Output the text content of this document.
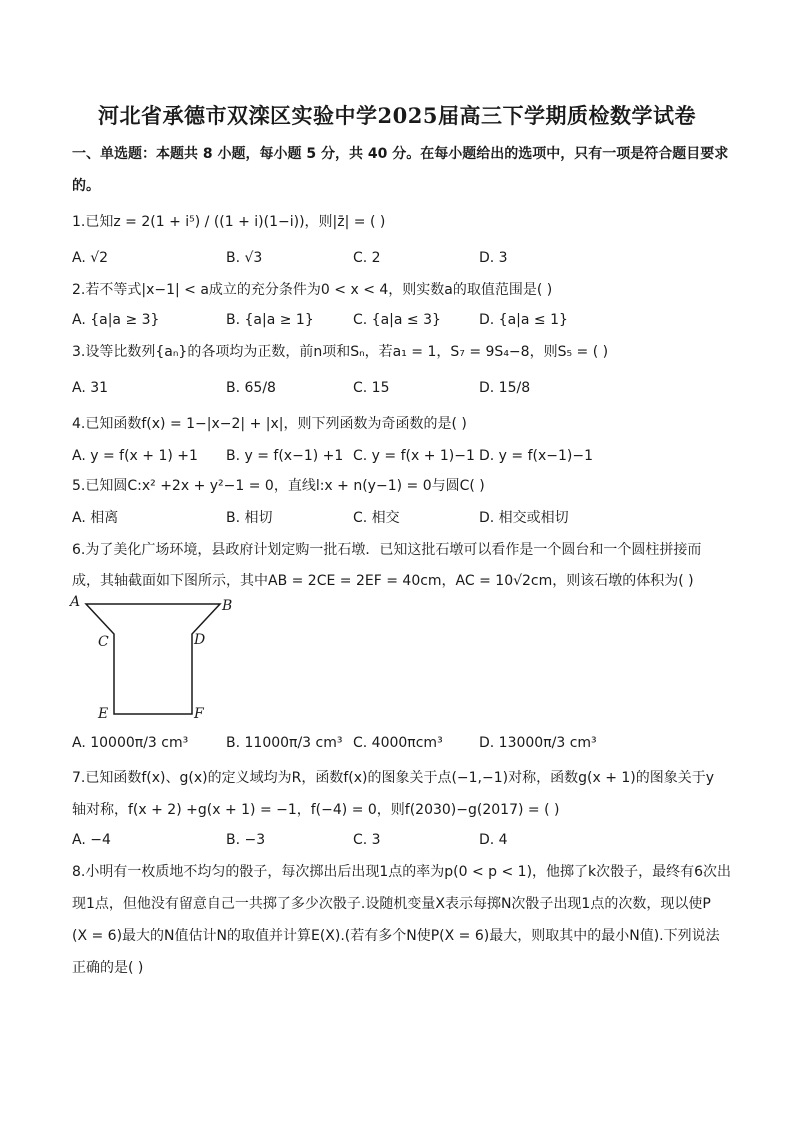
河北省承德市双滦区实验中学2025届高三下学期质检数学试卷
一、单选题：本题共 8 小题，每小题 5 分，共 40 分。在每小题给出的选项中，只有一项是符合题目要求
的。
1.已知z = 2(1 + i⁵) / ((1 + i)(1−i))，则|z̄| = ( )
A. √2	B. √3	C. 2	D. 3
2.若不等式|x−1| < a成立的充分条件为0 < x < 4，则实数a的取值范围是( )
A. {a|a ≥ 3}	B. {a|a ≥ 1}	C. {a|a ≤ 3}	D. {a|a ≤ 1}
3.设等比数列{aₙ}的各项均为正数，前n项和Sₙ，若a₁ = 1，S₇ = 9S₄−8，则S₅ = ( )
A. 31	B. 65/8	C. 15	D. 15/8
4.已知函数f(x) = 1−|x−2| + |x|，则下列函数为奇函数的是( )
A. y = f(x + 1) +1 B. y = f(x−1) +1 C. y = f(x + 1)−1 D. y = f(x−1)−1
5.已知圆C:x² +2x + y²−1 = 0，直线l:x + n(y−1) = 0与圆C( )
A. 相离	B. 相切	C. 相交	D. 相交或相切
6.为了美化广场环境，县政府计划定购一批石墩．已知这批石墩可以看作是一个圆台和一个圆柱拼接而
成，其轴截面如下图所示，其中AB = 2CE = 2EF = 40cm，AC = 10√2cm，则该石墩的体积为( )
A	B
C	D
E	F
A. 10000π/3 cm³	B. 11000π/3 cm³ C. 4000πcm³	D. 13000π/3 cm³
7.已知函数f(x)、g(x)的定义域均为R，函数f(x)的图象关于点(−1,−1)对称，函数g(x + 1)的图象关于y
轴对称，f(x + 2) +g(x + 1) = −1，f(−4) = 0，则f(2030)−g(2017) = ( )
A. −4	B. −3	C. 3	D. 4
8.小明有一枚质地不均匀的骰子，每次掷出后出现1点的率为p(0 < p < 1)，他掷了k次骰子，最终有6次出
现1点，但他没有留意自己一共掷了多少次骰子.设随机变量X表示每掷N次骰子出现1点的次数，现以使P
(X = 6)最大的N值估计N的取值并计算E(X).(若有多个N使P(X = 6)最大，则取其中的最小N值).下列说法
正确的是( )
